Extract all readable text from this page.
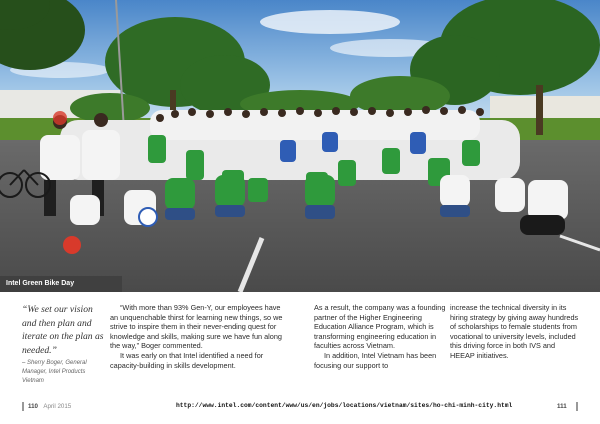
Intel Green Bike Day
“We set our vision and then plan and iterate on the plan as needed.”
– Sherry Boger, General Manager, Intel Products Vietnam

“With more than 93% Gen-Y, our employees have an unquenchable thirst for learning new things, so we strive to inspire them in their never-ending quest for knowledge and skills, making sure we have fun along the way,” Boger commented.

It was early on that Intel identified a need for capacity-building in skills development.

As a result, the company was a founding partner of the Higher Engineering Education Alliance Program, which is transforming engineering education in faculties across Vietnam.

In addition, Intel Vietnam has been focusing our support to

increase the technical diversity in its hiring strategy by giving away hundreds of scholarships to female students from vocational to university levels, included this driving force in both IVS and HEEAP initiatives.

110 April 2015	http://www.intel.com/content/www/us/en/jobs/locations/vietnam/sites/ho-chi-minh-city.html	111
